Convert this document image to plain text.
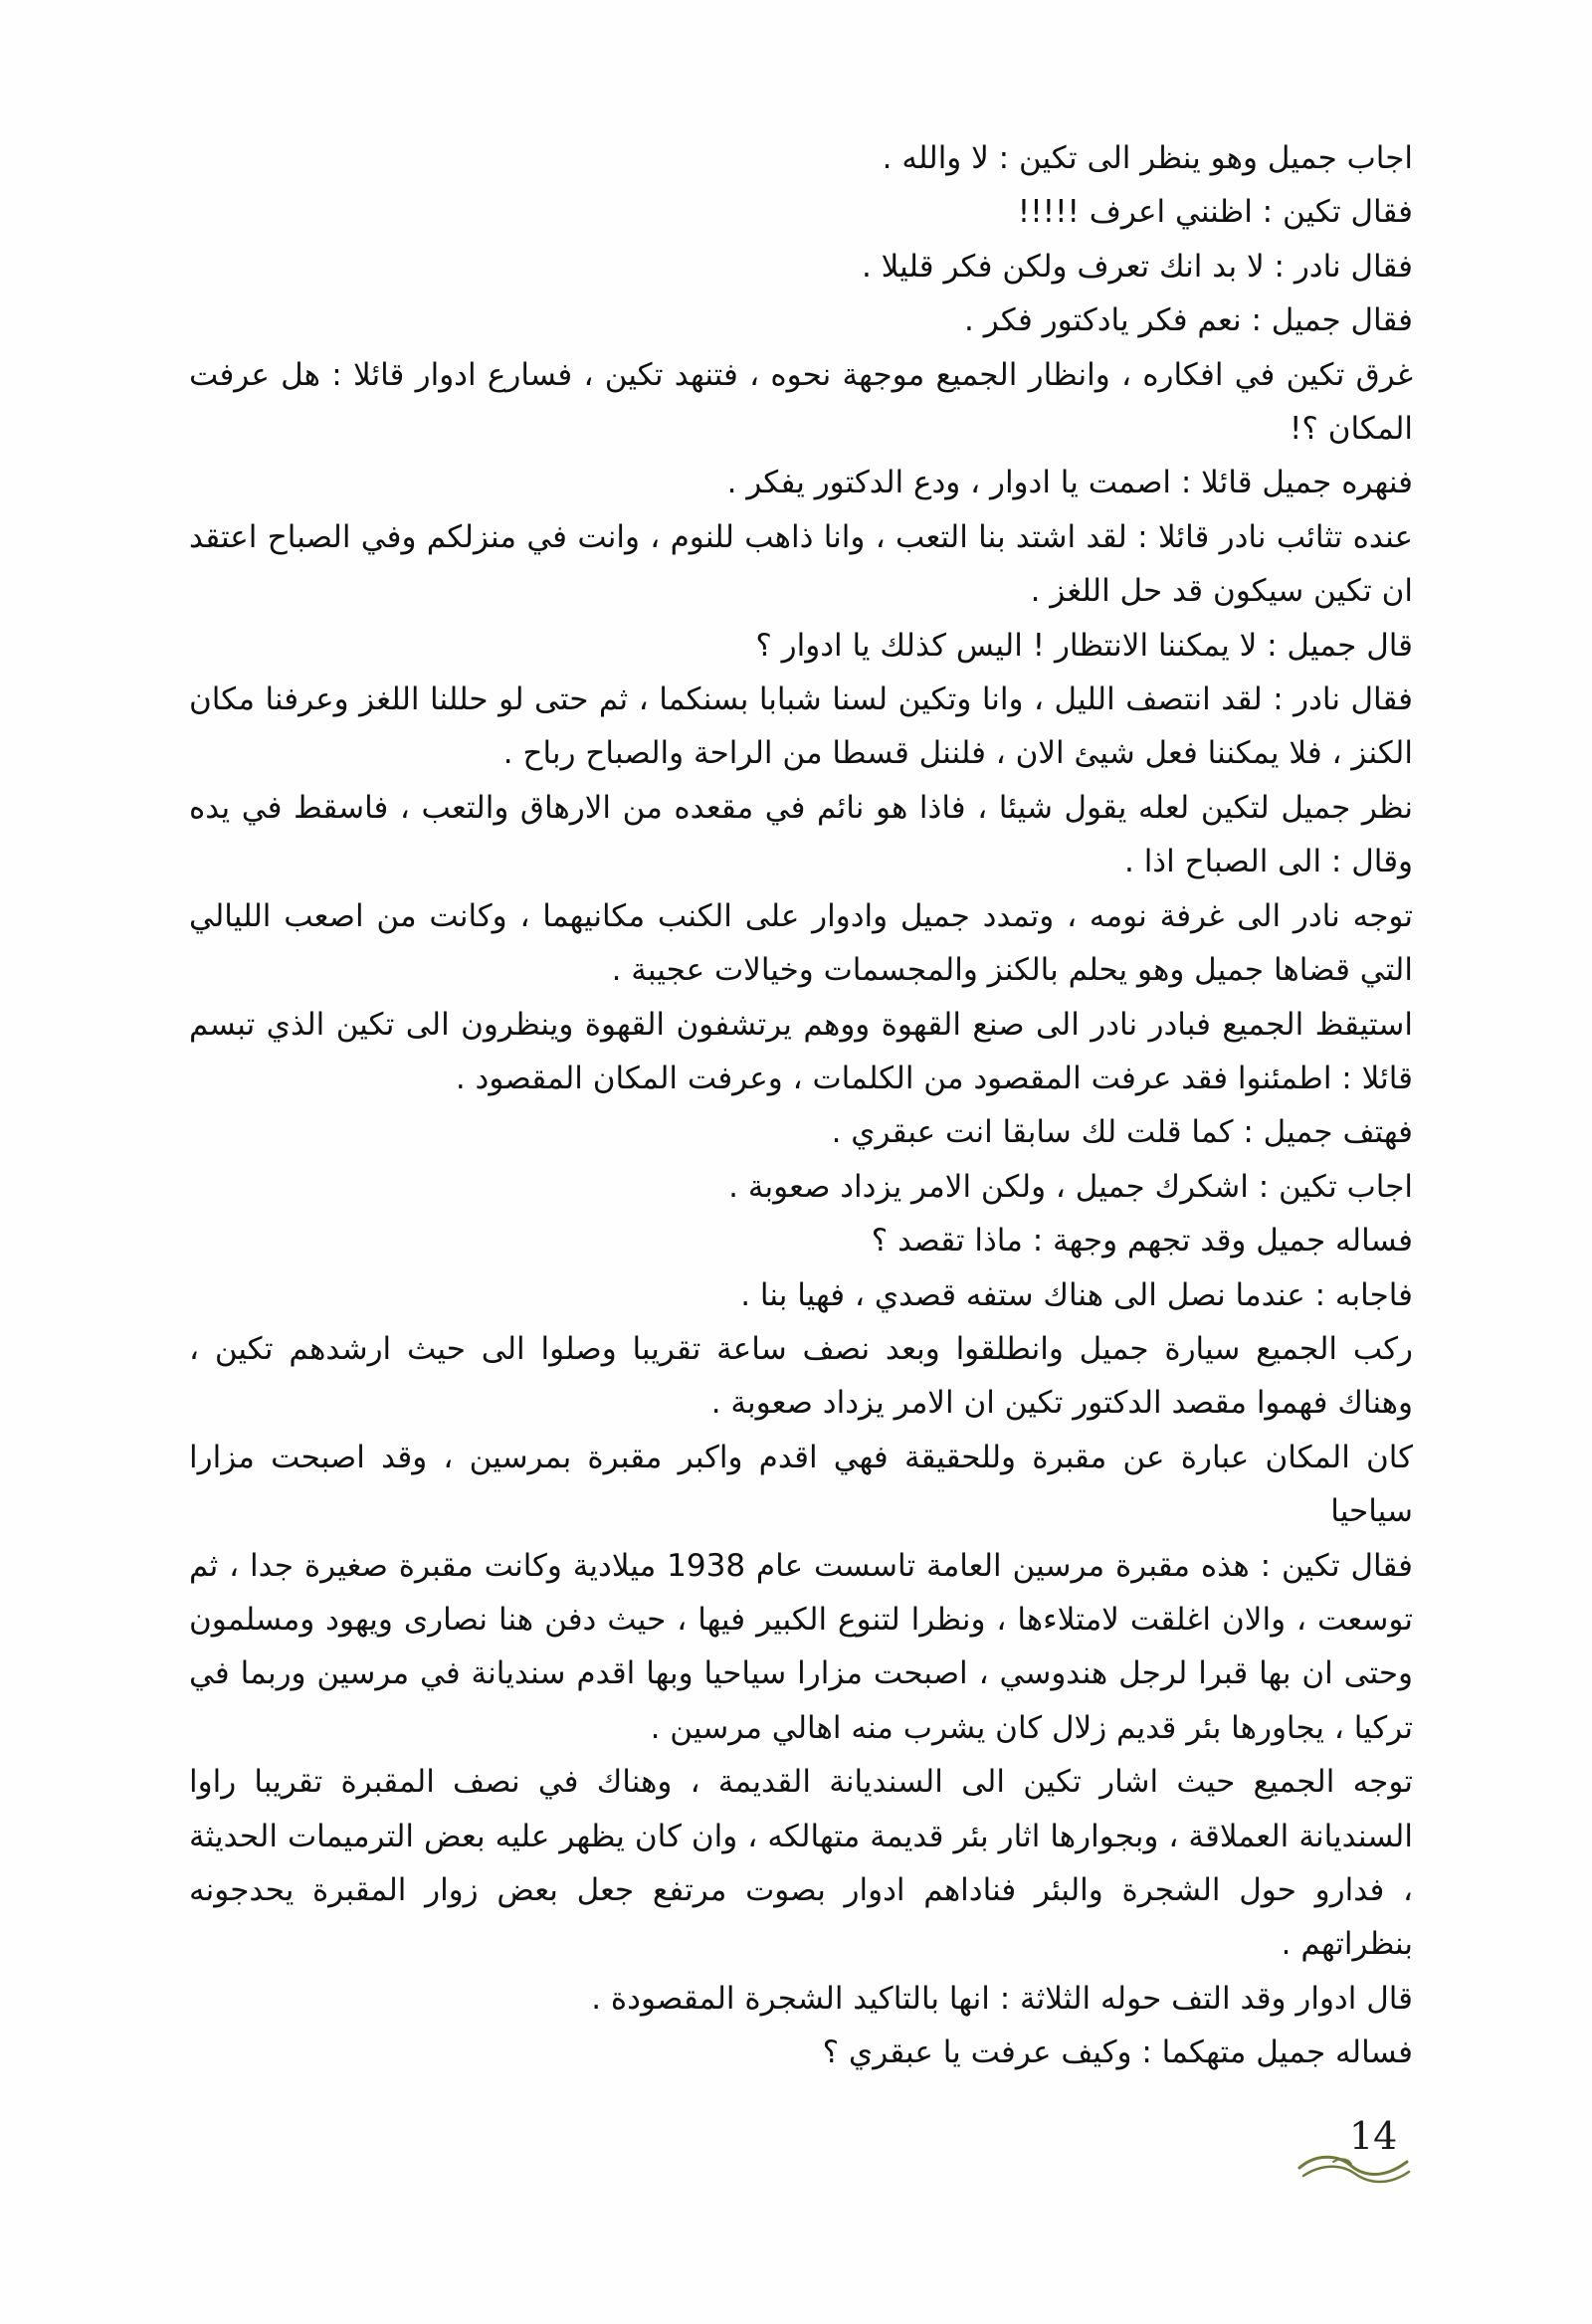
اجاب جميل وهو ينظر الى تكين : لا والله .

فقال تكين : اظنني اعرف !!!!!

فقال نادر : لا بد انك تعرف ولكن فكر قليلا .

فقال جميل : نعم فكر يادكتور فكر .

غرق تكين في افكاره ، وانظار الجميع موجهة نحوه ، فتنهد تكين ، فسارع ادوار قائلا : هل عرفت المكان ؟!

فنهره جميل قائلا : اصمت يا ادوار ، ودع الدكتور يفكر .

عنده تثائب نادر قائلا : لقد اشتد بنا التعب ، وانا ذاهب للنوم ، وانت في منزلكم وفي الصباح اعتقد ان تكين سيكون قد حل اللغز .

قال جميل : لا يمكننا الانتظار ! اليس كذلك يا ادوار ؟

فقال نادر : لقد انتصف الليل ، وانا وتكين لسنا شبابا بسنكما ، ثم حتى لو حللنا اللغز وعرفنا مكان الكنز ، فلا يمكننا فعل شيئ الان ، فلننل قسطا من الراحة والصباح رباح .

نظر جميل لتكين لعله يقول شيئا ، فاذا هو نائم في مقعده من الارهاق والتعب ، فاسقط في يده وقال : الى الصباح اذا .

توجه نادر الى غرفة نومه ، وتمدد جميل وادوار على الكنب مكانيهما ، وكانت من اصعب الليالي التي قضاها جميل وهو يحلم بالكنز والمجسمات وخيالات عجيبة .

استيقظ الجميع فبادر نادر الى صنع القهوة ووهم يرتشفون القهوة وينظرون الى تكين الذي تبسم قائلا : اطمئنوا فقد عرفت المقصود من الكلمات ، وعرفت المكان المقصود .

فهتف جميل : كما قلت لك سابقا انت عبقري .

اجاب تكين : اشكرك جميل ، ولكن الامر يزداد صعوبة .

فساله جميل وقد تجهم وجهة : ماذا تقصد ؟

فاجابه : عندما نصل الى هناك ستفه قصدي ، فهيا بنا .

ركب الجميع سيارة جميل وانطلقوا وبعد نصف ساعة تقريبا وصلوا الى حيث ارشدهم تكين ، وهناك فهموا مقصد الدكتور تكين ان الامر يزداد صعوبة .

كان المكان عبارة عن مقبرة وللحقيقة فهي اقدم واكبر مقبرة بمرسين ، وقد اصبحت مزارا سياحيا

فقال تكين : هذه مقبرة مرسين العامة تاسست عام 1938 ميلادية وكانت مقبرة صغيرة جدا ، ثم توسعت ، والان اغلقت لامتلاءها ، ونظرا لتنوع الكبير فيها ، حيث دفن هنا نصارى ويهود ومسلمون وحتى ان بها قبرا لرجل هندوسي ، اصبحت مزارا سياحيا وبها اقدم سنديانة في مرسين وربما في تركيا ، يجاورها بئر قديم زلال كان يشرب منه اهالي مرسين .

توجه الجميع حيث اشار تكين الى السنديانة القديمة ، وهناك في نصف المقبرة تقريبا راوا السنديانة العملاقة ، وبجوارها اثار بئر قديمة متهالكه ، وان كان يظهر عليه بعض الترميمات الحديثة ، فدارو حول الشجرة والبئر فناداهم ادوار بصوت مرتفع جعل بعض زوار المقبرة يحدجونه بنظراتهم .

قال ادوار وقد التف حوله الثلاثة : انها بالتاكيد الشجرة المقصودة .

فساله جميل متهكما : وكيف عرفت يا عبقري ؟

14
